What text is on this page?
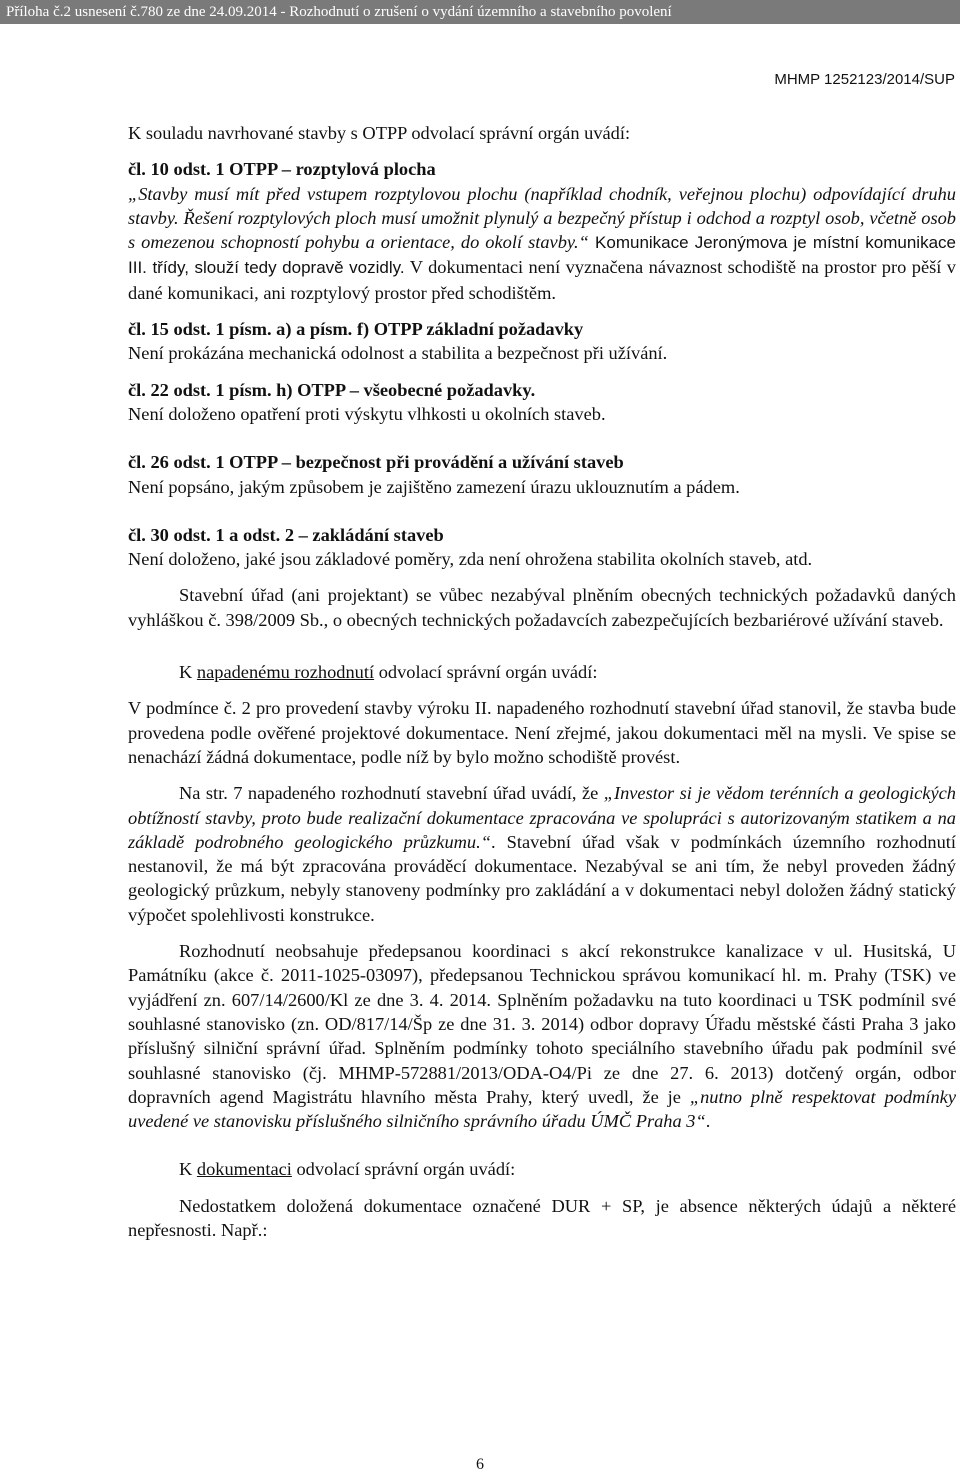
Příloha č.2 usnesení č.780 ze dne 24.09.2014 - Rozhodnutí o zrušení o vydání územního a stavebního povolení
MHMP 1252123/2014/SUP

K souladu navrhované stavby s OTPP odvolací správní orgán uvádí:

čl. 10 odst. 1 OTPP – rozptylová plocha

„Stavby musí mít před vstupem rozptylovou plochu (například chodník, veřejnou plochu) odpovídající druhu stavby. Řešení rozptylových ploch musí umožnit plynulý a bezpečný přístup i odchod a rozptyl osob, včetně osob s omezenou schopností pohybu a orientace, do okolí stavby.“ Komunikace Jeronýmova je místní komunikace III. třídy, slouží tedy dopravě vozidly. V dokumentaci není vyznačena návaznost schodiště na prostor pro pěší v dané komunikaci, ani rozptylový prostor před schodištěm.

čl. 15 odst. 1 písm. a) a písm. f) OTPP základní požadavky

Není prokázána mechanická odolnost a stabilita a bezpečnost při užívání.

čl. 22 odst. 1 písm. h) OTPP – všeobecné požadavky.

Není doloženo opatření proti výskytu vlhkosti u okolních staveb.

čl. 26 odst. 1 OTPP – bezpečnost při provádění a užívání staveb

Není popsáno, jakým způsobem je zajištěno zamezení úrazu uklouznutím a pádem.

čl. 30 odst. 1 a odst. 2 – zakládání staveb

Není doloženo, jaké jsou základové poměry, zda není ohrožena stabilita okolních staveb, atd.

Stavební úřad (ani projektant) se vůbec nezabýval plněním obecných technických požadavků daných vyhláškou č. 398/2009 Sb., o obecných technických požadavcích zabezpečujících bezbariérové užívání staveb.

K napadenému rozhodnutí odvolací správní orgán uvádí:

V podmínce č. 2 pro provedení stavby výroku II. napadeného rozhodnutí stavební úřad stanovil, že stavba bude provedena podle ověřené projektové dokumentace. Není zřejmé, jakou dokumentaci měl na mysli. Ve spise se nenachází žádná dokumentace, podle níž by bylo možno schodiště provést.

Na str. 7 napadeného rozhodnutí stavební úřad uvádí, že „Investor si je vědom terénních a geologických obtížností stavby, proto bude realizační dokumentace zpracována ve spolupráci s autorizovaným statikem a na základě podrobného geologického průzkumu.“. Stavební úřad však v podmínkách územního rozhodnutí nestanovil, že má být zpracována prováděcí dokumentace. Nezabýval se ani tím, že nebyl proveden žádný geologický průzkum, nebyly stanoveny podmínky pro zakládání a v dokumentaci nebyl doložen žádný statický výpočet spolehlivosti konstrukce.

Rozhodnutí neobsahuje předepsanou koordinaci s akcí rekonstrukce kanalizace v ul. Husitská, U Památníku (akce č. 2011-1025-03097), předepsanou Technickou správou komunikací hl. m. Prahy (TSK) ve vyjádření zn. 607/14/2600/Kl ze dne 3. 4. 2014. Splněním požadavku na tuto koordinaci u TSK podmínil své souhlasné stanovisko (zn. OD/817/14/Šp ze dne 31. 3. 2014) odbor dopravy Úřadu městské části Praha 3 jako příslušný silniční správní úřad. Splněním podmínky tohoto speciálního stavebního úřadu pak podmínil své souhlasné stanovisko (čj. MHMP-572881/2013/ODA-O4/Pi ze dne 27. 6. 2013) dotčený orgán, odbor dopravních agend Magistrátu hlavního města Prahy, který uvedl, že je „nutno plně respektovat podmínky uvedené ve stanovisku příslušného silničního správního úřadu ÚMČ Praha 3“.

K dokumentaci odvolací správní orgán uvádí:

Nedostatkem doložená dokumentace označené DUR + SP, je absence některých údajů a některé nepřesnosti. Např.:

6
